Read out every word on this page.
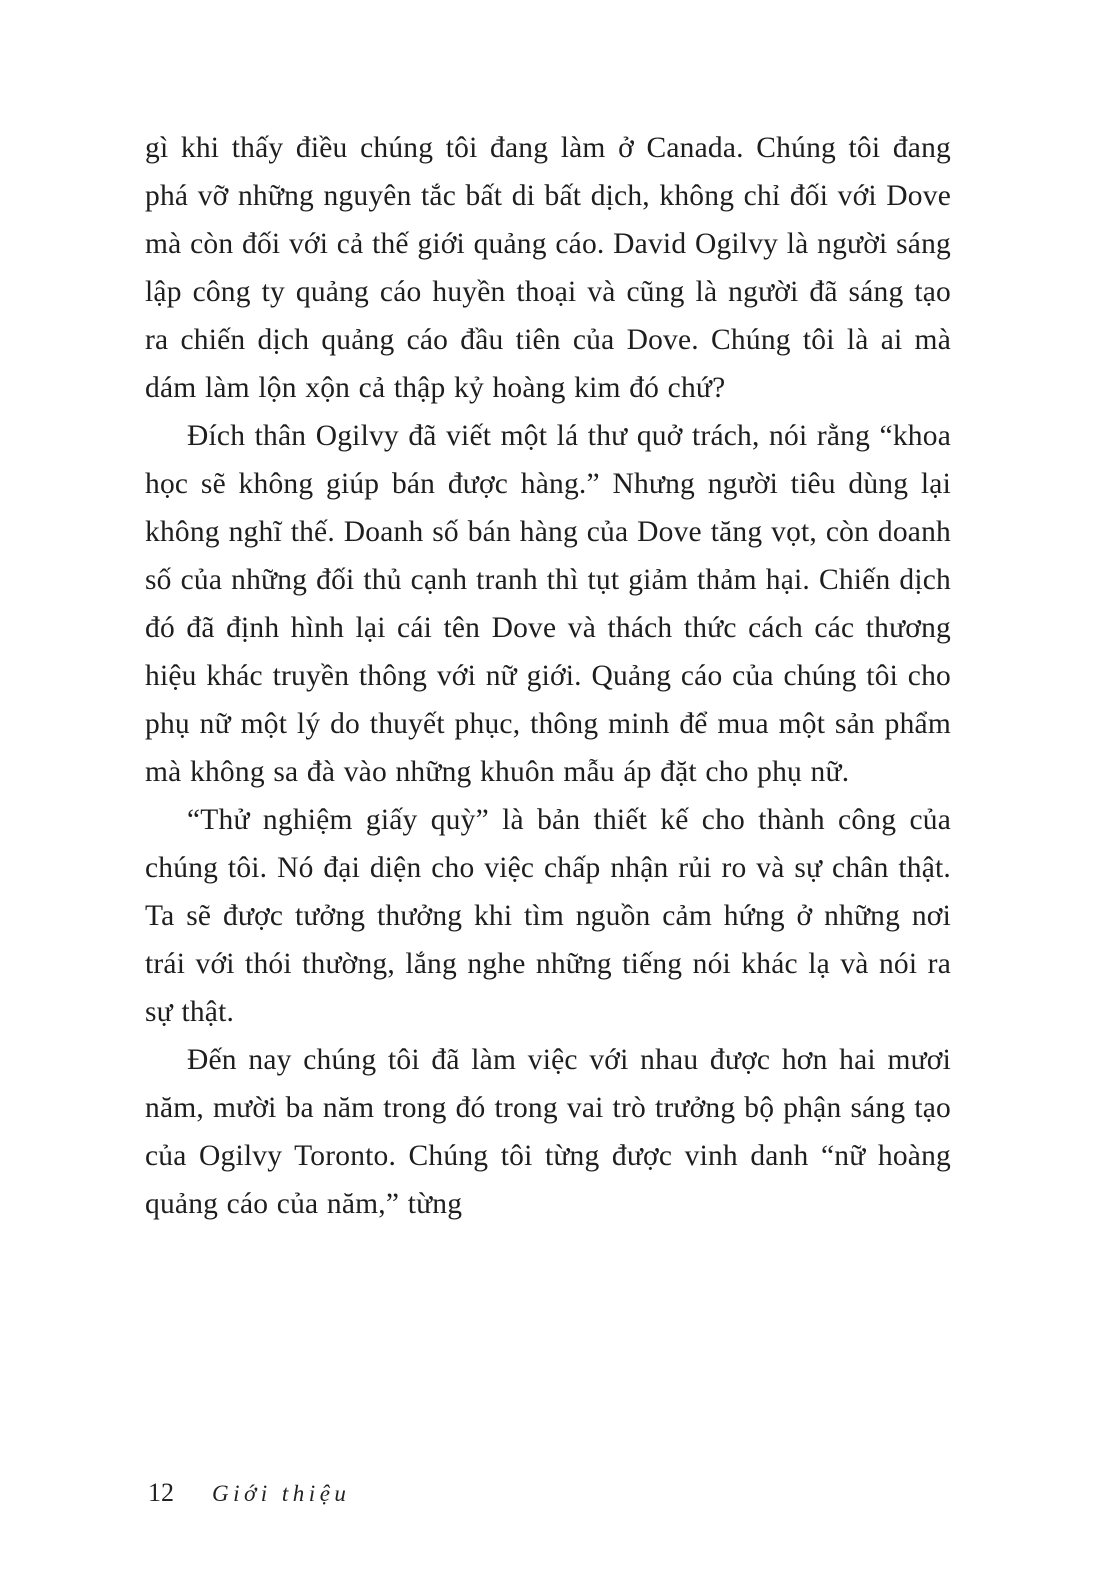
gì khi thấy điều chúng tôi đang làm ở Canada. Chúng tôi đang phá vỡ những nguyên tắc bất di bất dịch, không chỉ đối với Dove mà còn đối với cả thế giới quảng cáo. David Ogilvy là người sáng lập công ty quảng cáo huyền thoại và cũng là người đã sáng tạo ra chiến dịch quảng cáo đầu tiên của Dove. Chúng tôi là ai mà dám làm lộn xộn cả thập kỷ hoàng kim đó chứ?

Đích thân Ogilvy đã viết một lá thư quở trách, nói rằng “khoa học sẽ không giúp bán được hàng.” Nhưng người tiêu dùng lại không nghĩ thế. Doanh số bán hàng của Dove tăng vọt, còn doanh số của những đối thủ cạnh tranh thì tụt giảm thảm hại. Chiến dịch đó đã định hình lại cái tên Dove và thách thức cách các thương hiệu khác truyền thông với nữ giới. Quảng cáo của chúng tôi cho phụ nữ một lý do thuyết phục, thông minh để mua một sản phẩm mà không sa đà vào những khuôn mẫu áp đặt cho phụ nữ.

“Thử nghiệm giấy quỳ” là bản thiết kế cho thành công của chúng tôi. Nó đại diện cho việc chấp nhận rủi ro và sự chân thật. Ta sẽ được tưởng thưởng khi tìm nguồn cảm hứng ở những nơi trái với thói thường, lắng nghe những tiếng nói khác lạ và nói ra sự thật.

Đến nay chúng tôi đã làm việc với nhau được hơn hai mươi năm, mười ba năm trong đó trong vai trò trưởng bộ phận sáng tạo của Ogilvy Toronto. Chúng tôi từng được vinh danh “nữ hoàng quảng cáo của năm,” từng

12 Giới thiệu
